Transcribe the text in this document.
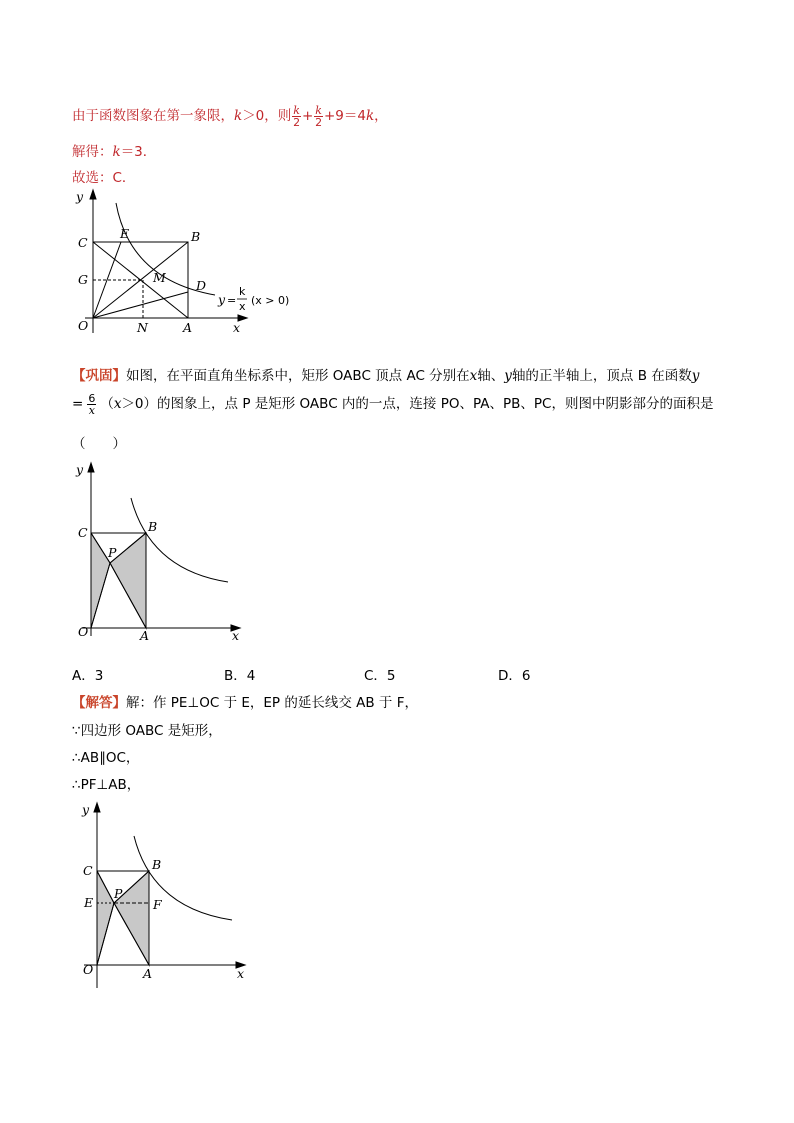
由于函数图象在第一象限，k＞0，则 $\frac{k}{2} + \frac{k}{2} +9=4k$，
解得：k＝3．
故选：C．
y
C
E	B
G	M
D
O	N	A	x
y =
k
x (x > 0)
【巩固】如图，在平面直角坐标系中，矩形 OABC 顶点 AC 分别在x轴、y轴的正半轴上，顶点 B 在函数y
= $\frac{6}{x} (x>0)$的图象上，点 P 是矩形 OABC 内的一点，连接 PO、PA、PB、PC，则图中阴影部分的面积是
（　　）
y
C	B
P
O	A	x
A．3	B．4	C．5	D．6
【解答】解：作 PE⊥OC 于 E，EP 的延长线交 AB 于 F，
∵四边形 OABC 是矩形，
∴AB∥OC，
∴PF⊥AB，
y
C	B
P
E	F
O	A	x
